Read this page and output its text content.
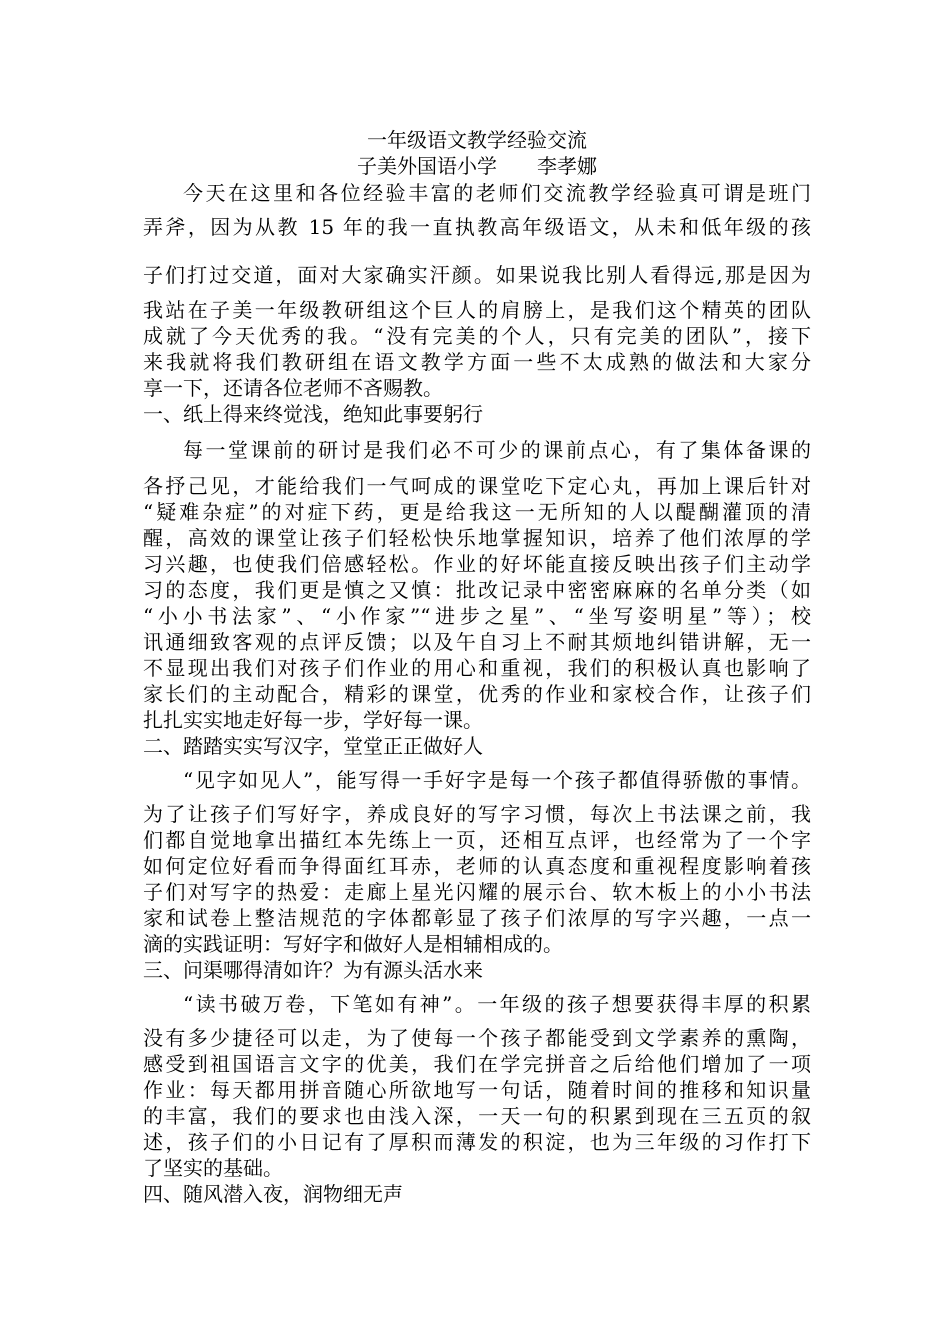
一年级语文教学经验交流
子美外国语小学　　李孝娜
今天在这里和各位经验丰富的老师们交流教学经验真可谓是班门
弄斧，因为从教 15 年的我一直执教高年级语文，从未和低年级的孩
子们打过交道，面对大家确实汗颜。如果说我比别人看得远,那是因为
我站在子美一年级教研组这个巨人的肩膀上，是我们这个精英的团队
成就了今天优秀的我。“没有完美的个人，只有完美的团队”，接下
来我就将我们教研组在语文教学方面一些不太成熟的做法和大家分
享一下，还请各位老师不吝赐教。
一、纸上得来终觉浅，绝知此事要躬行
每一堂课前的研讨是我们必不可少的课前点心，有了集体备课的
各抒己见，才能给我们一气呵成的课堂吃下定心丸，再加上课后针对
“疑难杂症”的对症下药，更是给我这一无所知的人以醍醐灌顶的清
醒，高效的课堂让孩子们轻松快乐地掌握知识，培养了他们浓厚的学
习兴趣，也使我们倍感轻松。作业的好坏能直接反映出孩子们主动学
习的态度，我们更是慎之又慎：批改记录中密密麻麻的名单分类（如
“小小书法家”、“小作家”“进步之星”、“坐写姿明星”等）；校
讯通细致客观的点评反馈；以及午自习上不耐其烦地纠错讲解，无一
不显现出我们对孩子们作业的用心和重视，我们的积极认真也影响了
家长们的主动配合，精彩的课堂，优秀的作业和家校合作，让孩子们
扎扎实实地走好每一步，学好每一课。
二、踏踏实实写汉字，堂堂正正做好人
“见字如见人”，能写得一手好字是每一个孩子都值得骄傲的事情。
为了让孩子们写好字，养成良好的写字习惯，每次上书法课之前，我
们都自觉地拿出描红本先练上一页，还相互点评，也经常为了一个字
如何定位好看而争得面红耳赤，老师的认真态度和重视程度影响着孩
子们对写字的热爱：走廊上星光闪耀的展示台、软木板上的小小书法
家和试卷上整洁规范的字体都彰显了孩子们浓厚的写字兴趣，一点一
滴的实践证明：写好字和做好人是相辅相成的。
三、问渠哪得清如许？为有源头活水来
“读书破万卷，下笔如有神”。一年级的孩子想要获得丰厚的积累
没有多少捷径可以走，为了使每一个孩子都能受到文学素养的熏陶，
感受到祖国语言文字的优美，我们在学完拼音之后给他们增加了一项
作业：每天都用拼音随心所欲地写一句话，随着时间的推移和知识量
的丰富，我们的要求也由浅入深，一天一句的积累到现在三五页的叙
述，孩子们的小日记有了厚积而薄发的积淀，也为三年级的习作打下
了坚实的基础。
四、随风潜入夜，润物细无声
